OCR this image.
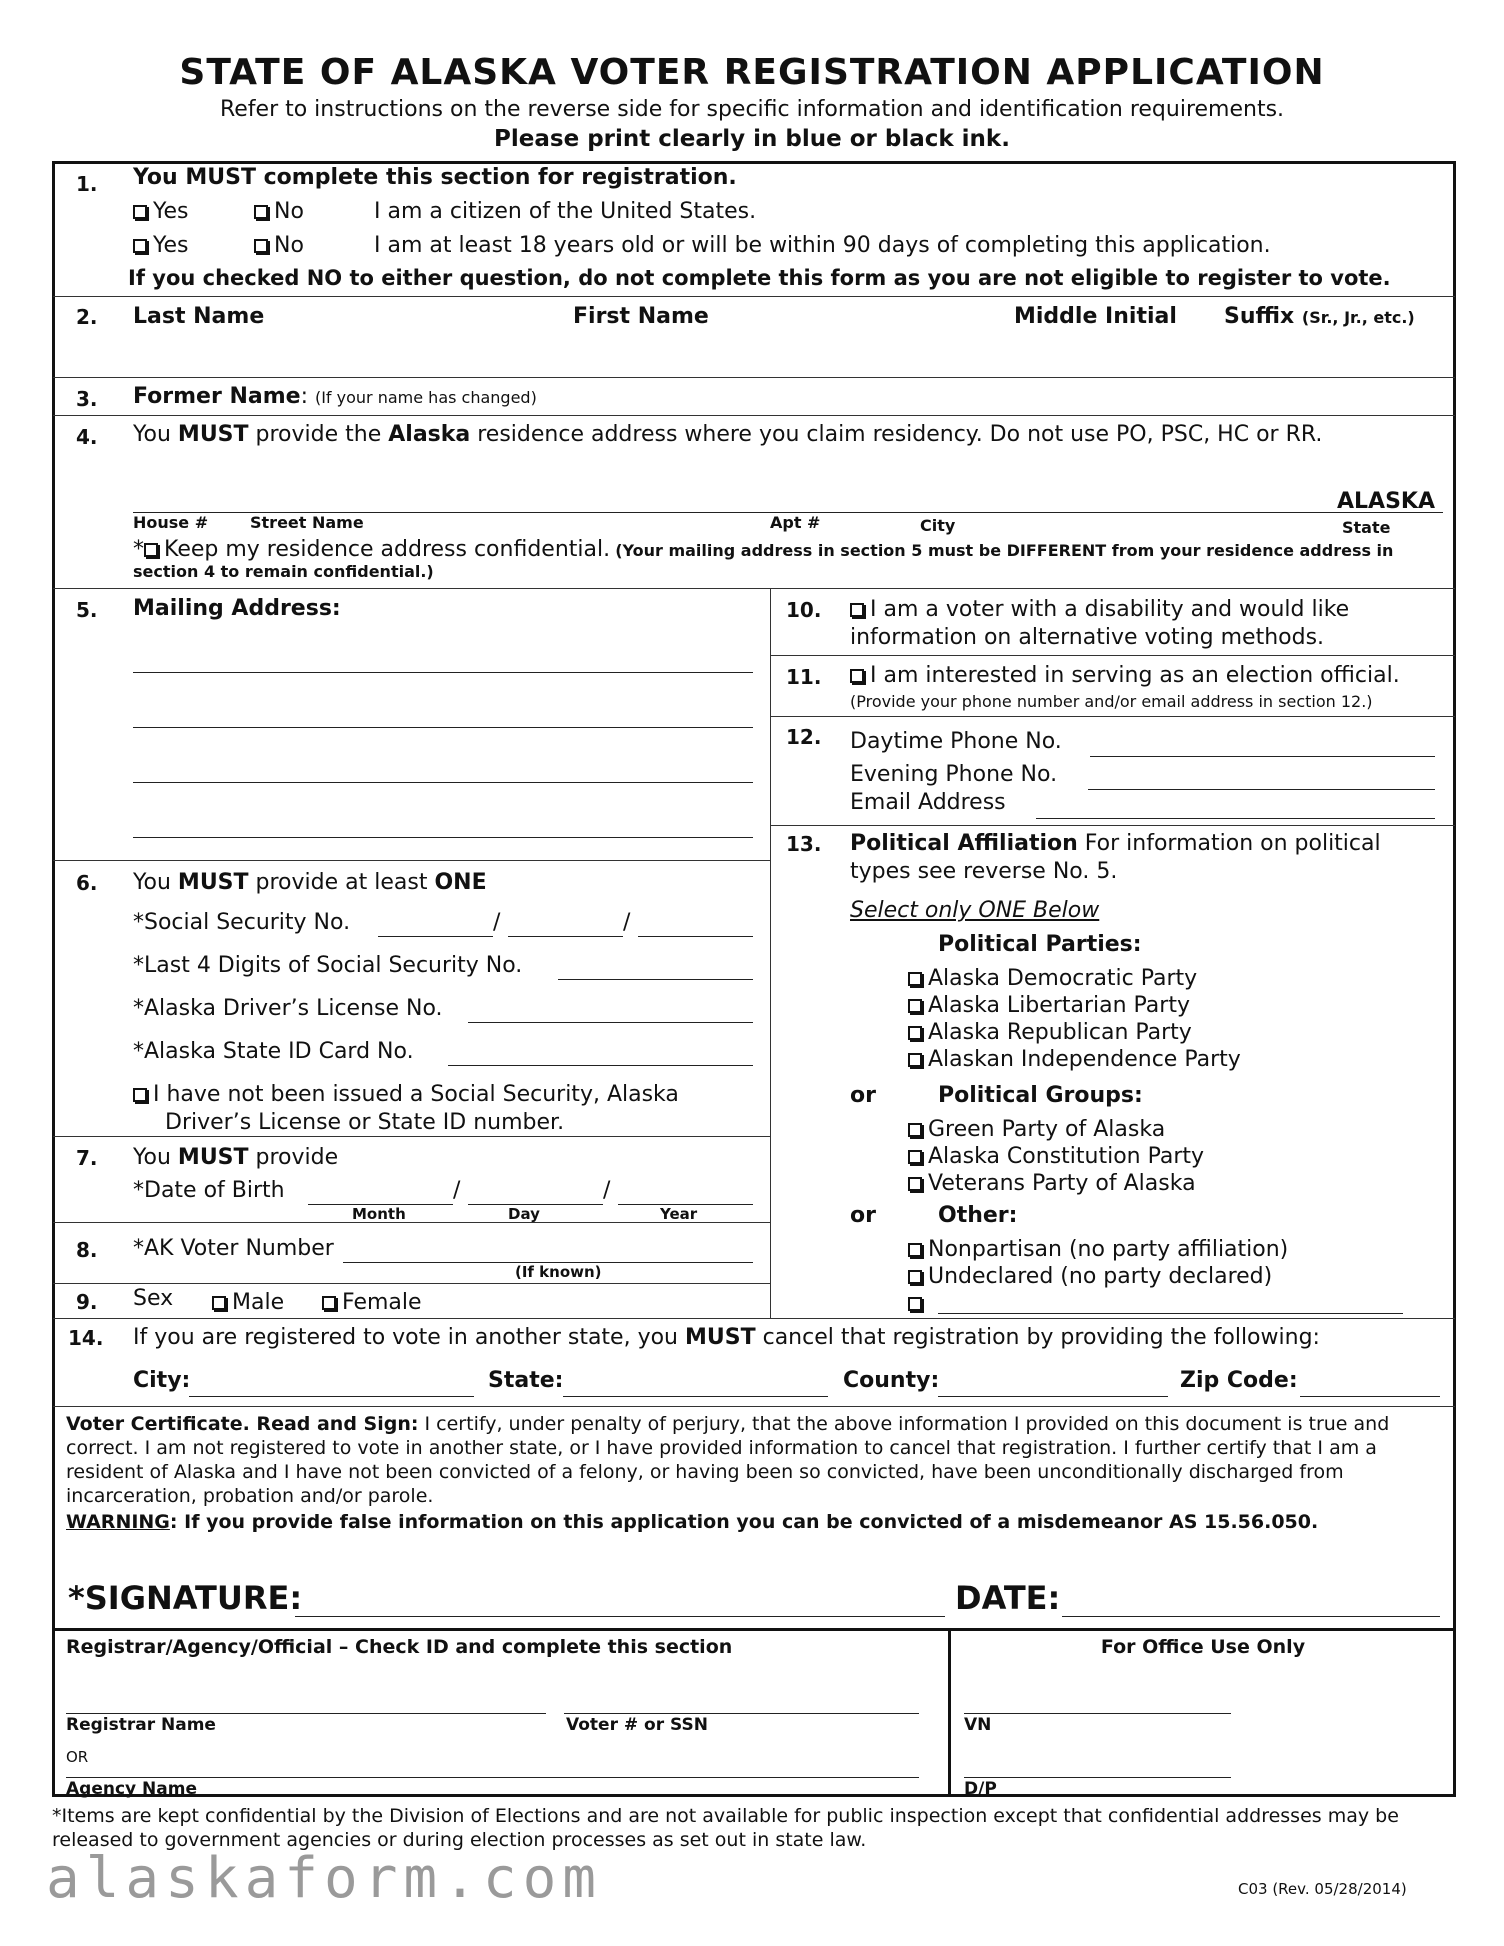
STATE OF ALASKA VOTER REGISTRATION APPLICATION
Refer to instructions on the reverse side for specific information and identification requirements.
Please print clearly in blue or black ink.
1. You MUST complete this section for registration.
Yes	No	I am a citizen of the United States.
Yes	No	I am at least 18 years old or will be within 90 days of completing this application.
If you checked NO to either question, do not complete this form as you are not eligible to register to vote.
2. Last Name	First Name	Middle Initial Suffix (Sr., Jr., etc.)
3. Former Name: (If your name has changed)
4. You MUST provide the Alaska residence address where you claim residency. Do not use PO, PSC, HC or RR.
ALASKA
House #	Street Name	Apt #	City	State
* Keep my residence address confidential. (Your mailing address in section 5 must be DIFFERENT from your residence address in section 4 to remain confidential.)
5. Mailing Address:
6. You MUST provide at least ONE
*Social Security No.	/	/
*Last 4 Digits of Social Security No.
*Alaska Driver’s License No.
*Alaska State ID Card No.
I have not been issued a Social Security, Alaska
Driver’s License or State ID number.
7. You MUST provide
*Date of Birth	/	/
Month	Day	Year
8. *AK Voter Number
(If known)
9. Sex	Male	Female
10.	I am a voter with a disability and would like
information on alternative voting methods.
11.	I am interested in serving as an election official.
(Provide your phone number and/or email address in section 12.)
12. Daytime Phone No.
Evening Phone No.
Email Address
13. Political Affiliation For information on political
types see reverse No. 5.
Select only ONE Below
Political Parties:
Alaska Democratic Party
Alaska Libertarian Party
Alaska Republican Party
Alaskan Independence Party
or	Political Groups:
Green Party of Alaska
Alaska Constitution Party
Veterans Party of Alaska
or	Other:
Nonpartisan (no party affiliation)
Undeclared (no party declared)
14. If you are registered to vote in another state, you MUST cancel that registration by providing the following:
City:	State:	County:	Zip Code:
Voter Certificate. Read and Sign: I certify, under penalty of perjury, that the above information I provided on this document is true and correct. I am not registered to vote in another state, or I have provided information to cancel that registration. I further certify that I am a resident of Alaska and I have not been convicted of a felony, or having been so convicted, have been unconditionally discharged from incarceration, probation and/or parole.
WARNING: If you provide false information on this application you can be convicted of a misdemeanor AS 15.56.050.
*SIGNATURE:	DATE:
Registrar/Agency/Official – Check ID and complete this section
Registrar Name	Voter # or SSN
OR
Agency Name
For Office Use Only
VN
D/P
*Items are kept confidential by the Division of Elections and are not available for public inspection except that confidential addresses may be released to government agencies or during election processes as set out in state law.
alaskaform.com	C03 (Rev. 05/28/2014)
